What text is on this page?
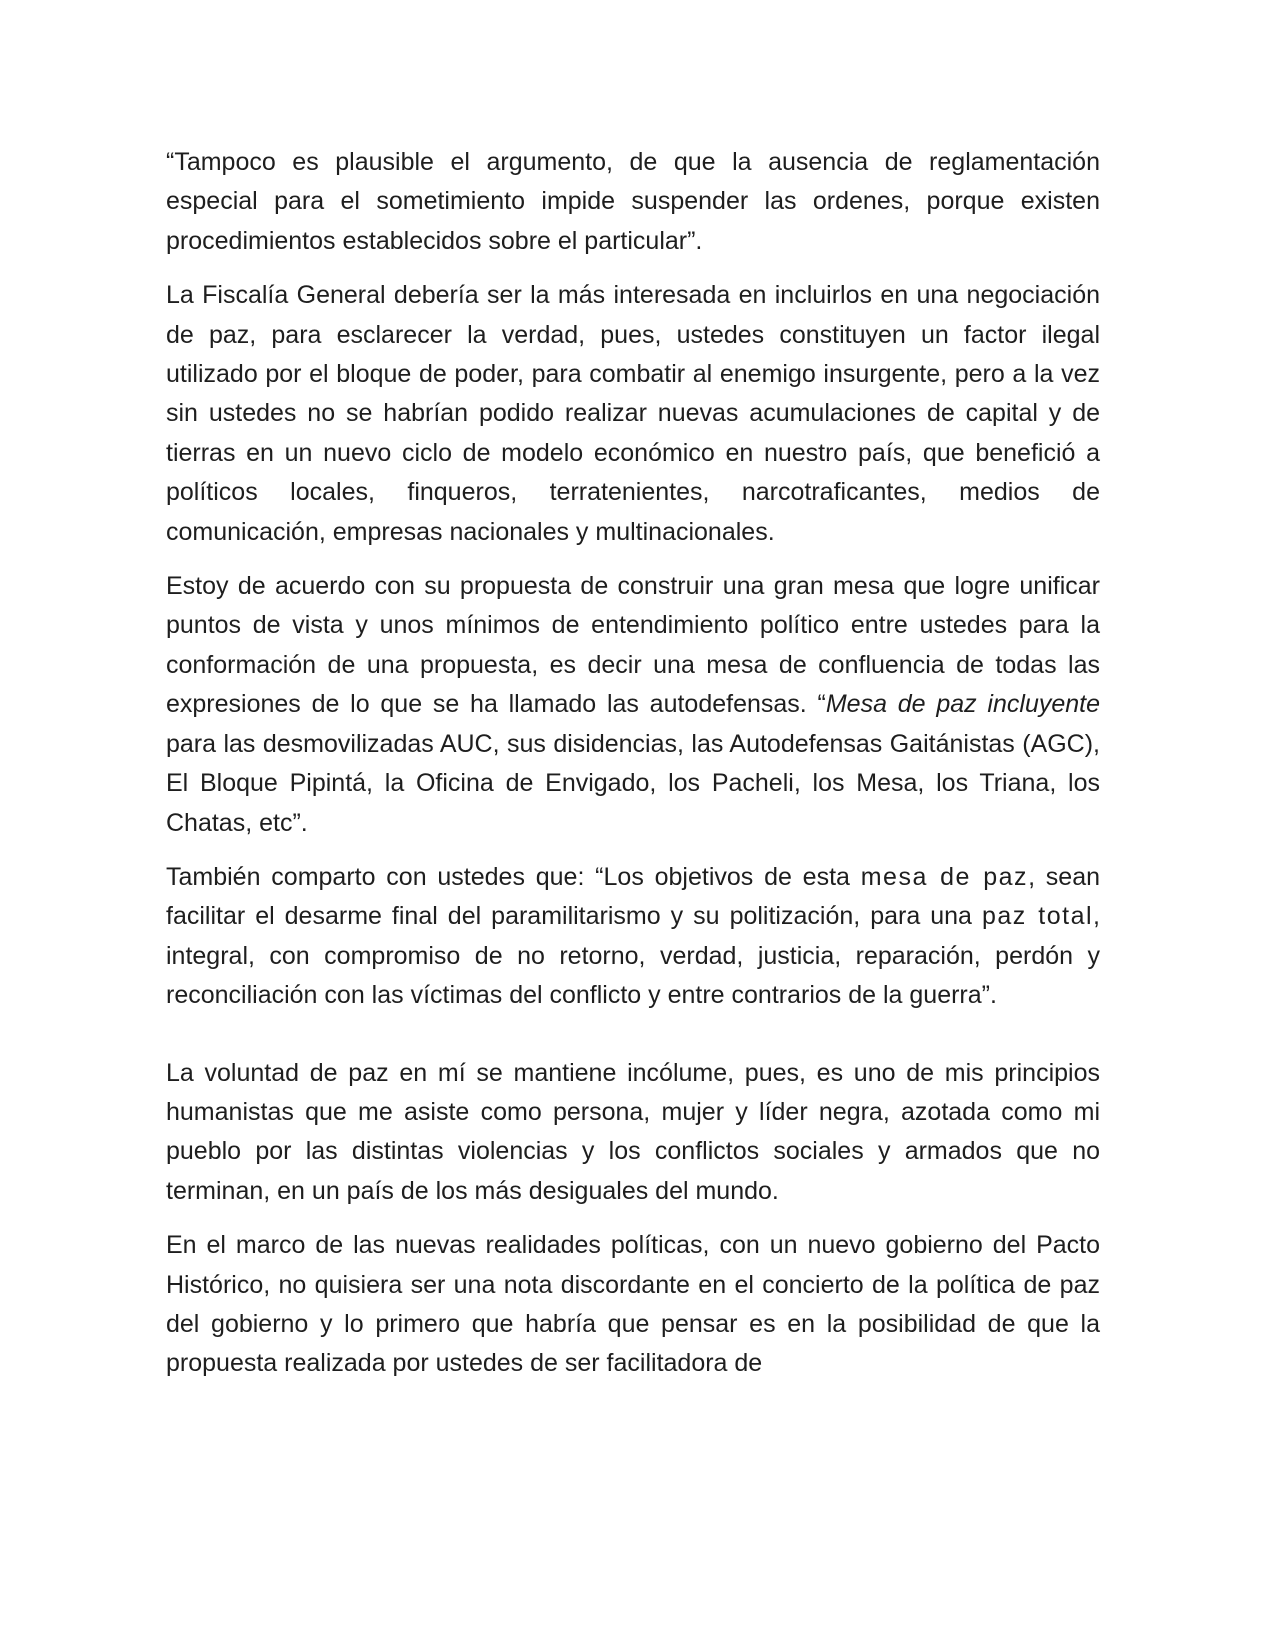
“Tampoco es plausible el argumento, de que la ausencia de reglamentación especial para el sometimiento impide suspender las ordenes, porque existen procedimientos establecidos sobre el particular”.

La Fiscalía General debería ser la más interesada en incluirlos en una negociación de paz, para esclarecer la verdad, pues, ustedes constituyen un factor ilegal utilizado por el bloque de poder, para combatir al enemigo insurgente, pero a la vez sin ustedes no se habrían podido realizar nuevas acumulaciones de capital y de tierras en un nuevo ciclo de modelo económico en nuestro país, que benefició a políticos locales, finqueros, terratenientes, narcotraficantes, medios de comunicación, empresas nacionales y multinacionales.

Estoy de acuerdo con su propuesta de construir una gran mesa que logre unificar puntos de vista y unos mínimos de entendimiento político entre ustedes para la conformación de una propuesta, es decir una mesa de confluencia de todas las expresiones de lo que se ha llamado las autodefensas. “Mesa de paz incluyente para las desmovilizadas AUC, sus disidencias, las Autodefensas Gaitánistas (AGC), El Bloque Pipintá, la Oficina de Envigado, los Pacheli, los Mesa, los Triana, los Chatas, etc”.

También comparto con ustedes que: “Los objetivos de esta mesa de paz, sean facilitar el desarme final del paramilitarismo y su politización, para una paz total, integral, con compromiso de no retorno, verdad, justicia, reparación, perdón y reconciliación con las víctimas del conflicto y entre contrarios de la guerra”.

La voluntad de paz en mí se mantiene incólume, pues, es uno de mis principios humanistas que me asiste como persona, mujer y líder negra, azotada como mi pueblo por las distintas violencias y los conflictos sociales y armados que no terminan, en un país de los más desiguales del mundo.

En el marco de las nuevas realidades políticas, con un nuevo gobierno del Pacto Histórico, no quisiera ser una nota discordante en el concierto de la política de paz del gobierno y lo primero que habría que pensar es en la posibilidad de que la propuesta realizada por ustedes de ser facilitadora de
